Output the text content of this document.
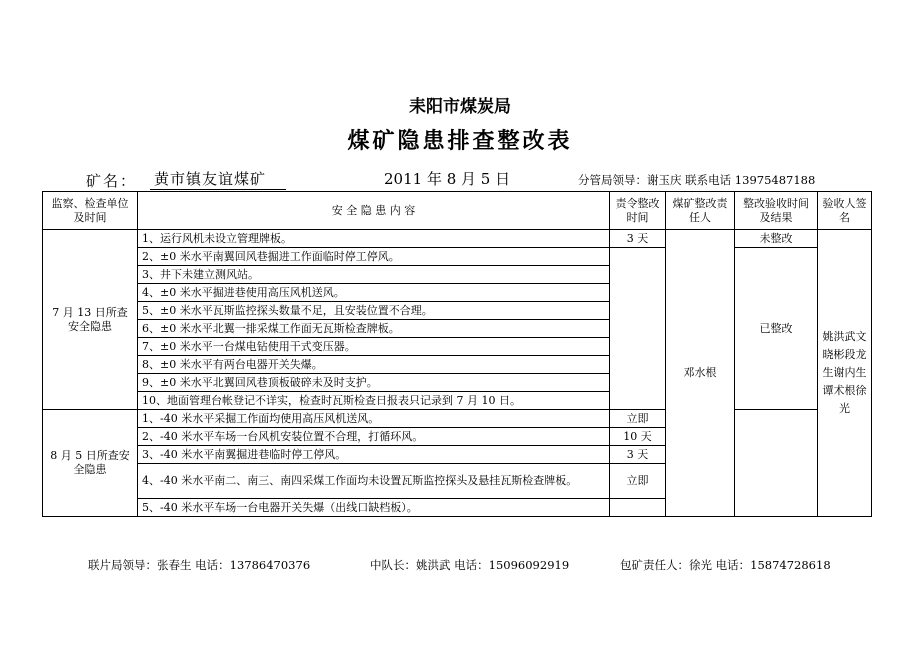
耒阳市煤炭局
煤矿隐患排查整改表
矿名： 黄市镇友谊煤矿	2011 年 8 月 5 日	分管局领导：谢玉庆 联系电话 13975487188
监察、检查单位及时间	安 全 隐 患 内 容	责令整改时间	煤矿整改责任人	整改验收时间及结果	验收人签名
7 月 13 日所查安全隐患	1、运行风机未设立管理牌板。	3 天	邓水根	未整改	姚洪武文晓彬段龙生谢内生谭术根徐光
	2、±0 米水平南翼回风巷掘进工作面临时停工停风。			已整改	
	3、井下未建立测风站。				
	4、±0 米水平掘进巷使用高压风机送风。				
	5、±0 米水平瓦斯监控探头数量不足，且安装位置不合理。				
	6、±0 米水平北翼一排采煤工作面无瓦斯检查牌板。				
	7、±0 米水平一台煤电钻使用干式变压器。				
	8、±0 米水平有两台电器开关失爆。				
	9、±0 米水平北翼回风巷顶板破碎未及时支护。				
	10、地面管理台帐登记不详实，检查时瓦斯检查日报表只记录到 7 月 10 日。				
8 月 5 日所查安全隐患	1、-40 米水平采掘工作面均使用高压风机送风。	立即			
	2、-40 米水平车场一台风机安装位置不合理，打循环风。	10 天			
	3、-40 米水平南翼掘进巷临时停工停风。	3 天			
	4、-40 米水平南二、南三、南四采煤工作面均未设置瓦斯监控探头及悬挂瓦斯检查牌板。	立即			
	5、-40 米水平车场一台电器开关失爆（出线口缺档板）。				
联片局领导：张春生 电话：13786470376	中队长：姚洪武 电话：15096092919	包矿责任人：徐光 电话：15874728618
